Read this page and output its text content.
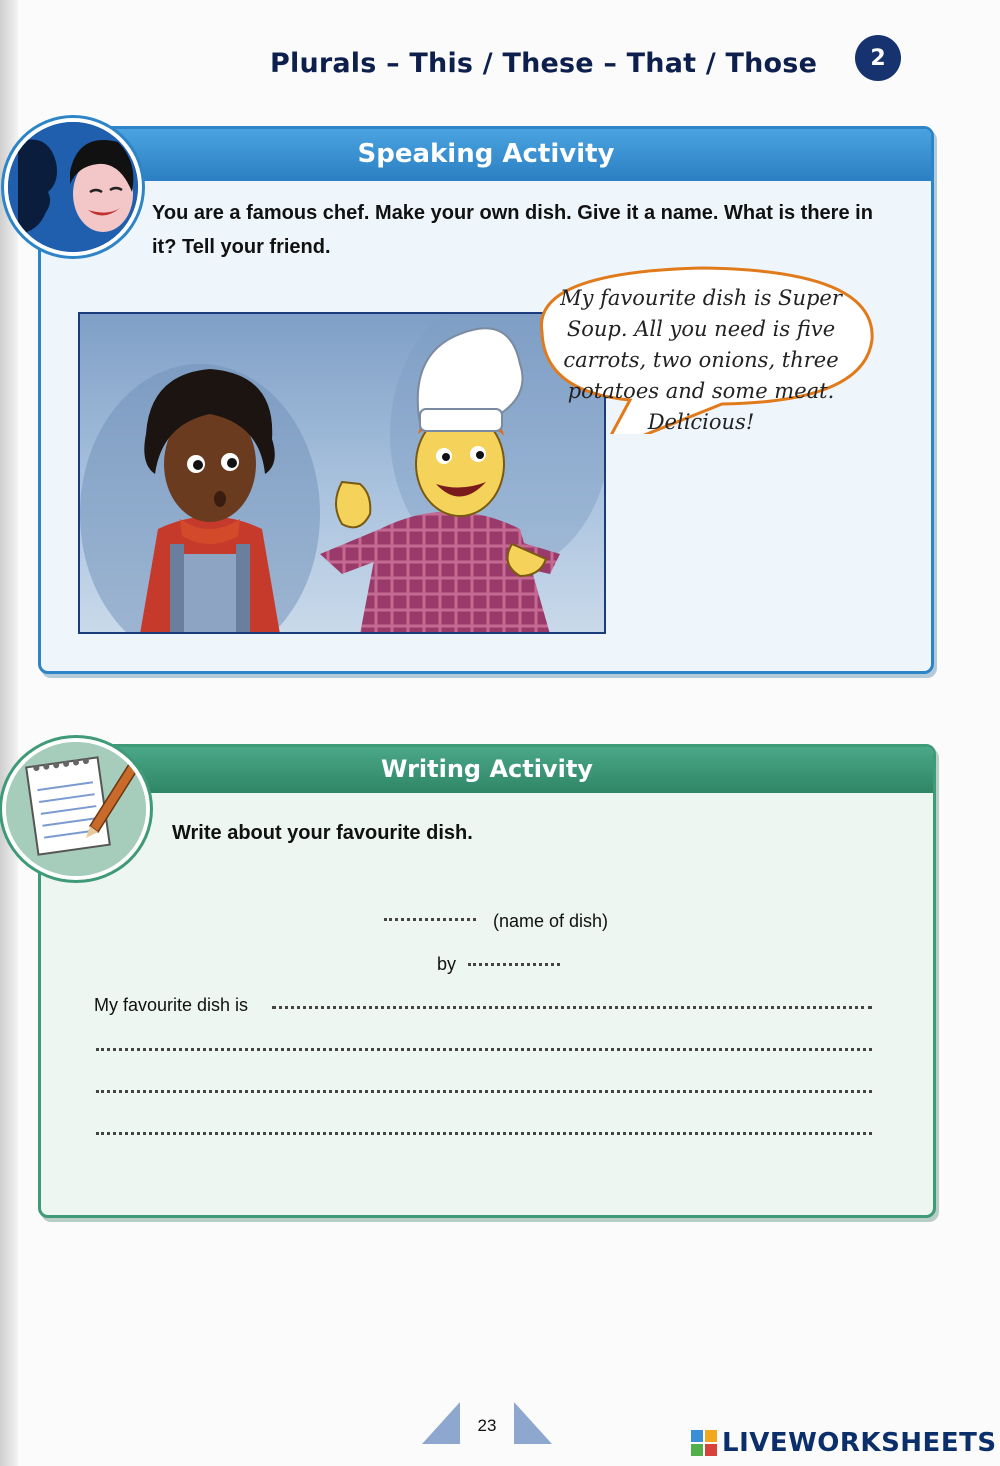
Plurals – This / These – That / Those	2
Speaking Activity

You are a famous chef. Make your own dish. Give it a name. What is there in it? Tell your friend.

My favourite dish is Super Soup. All you need is five carrots, two onions, three potatoes and some meat. Delicious!

Writing Activity

Write about your favourite dish.

(name of dish)

by

My favourite dish is

23
LIVEWORKSHEETS
